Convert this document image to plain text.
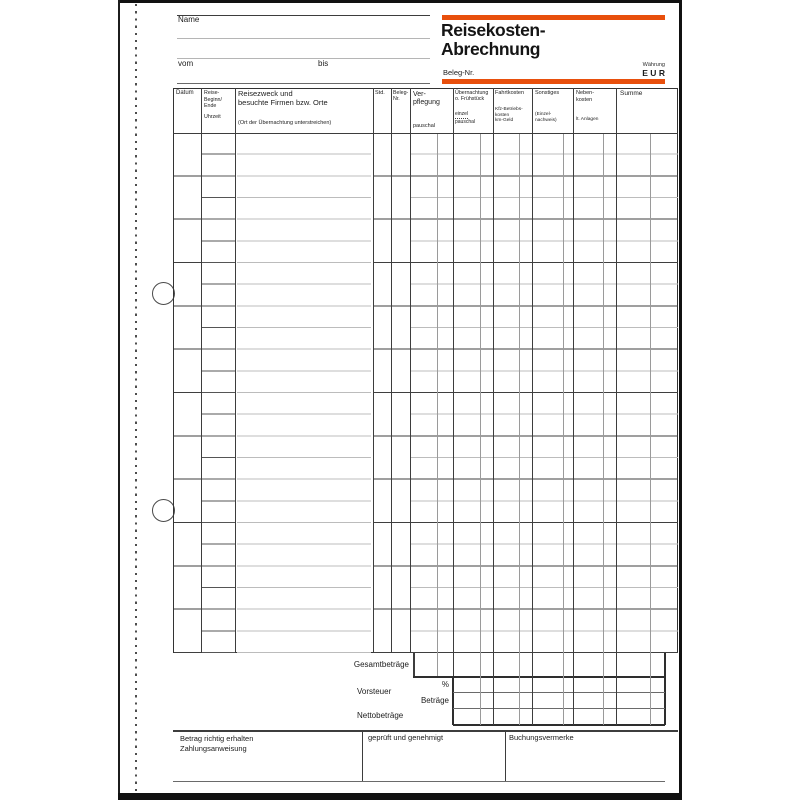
Name
vom	bis
Reisekosten-
Abrechnung
Beleg-Nr.
Währung
EUR
Datum Reise-
Beginn/
Ende
Uhrzeit
Reisezweck und
besuchte Firmen bzw. Orte
(Ort der Übernachtung unterstreichen)
Std. Beleg-
Nr.
Ver-
pflegung
pauschal
Übernachtung
o. Frühstück
einzel
pauschal
Fahrtkosten
Kfz-Betriebs-
kosten
km-Geld
Sonstiges
(Einzel-
nachweis)
Neben-
kosten
lt. Anlagen
Summe
Gesamtbeträge
Vorsteuer
%
Beträge
Nettobeträge
Betrag richtig erhalten
Zahlungsanweisung
geprüft und genehmigt	Buchungsvermerke
